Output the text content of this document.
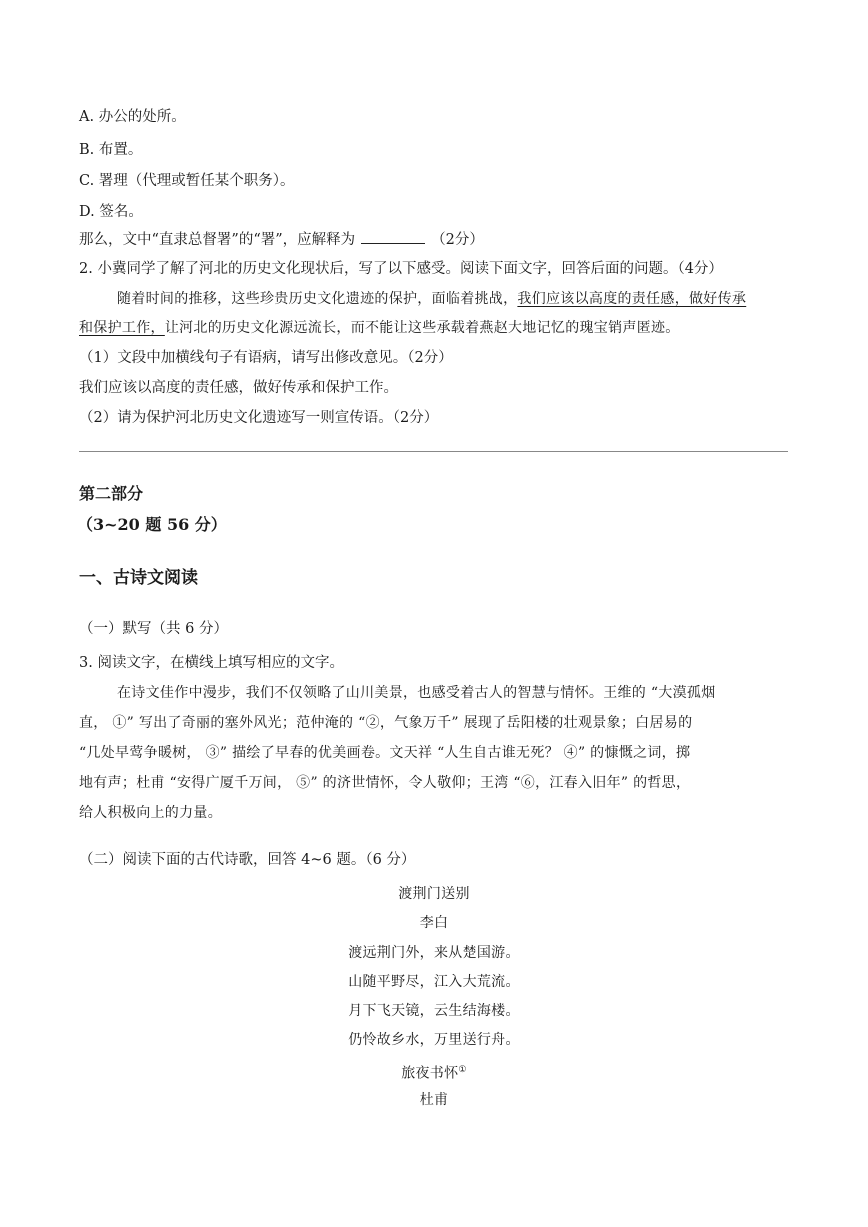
A. 办公的处所。
B. 布置。
C. 署理（代理或暂任某个职务）。
D. 签名。
那么，文中“直隶总督署”的“署”，应解释为	（2分）
2. 小冀同学了解了河北的历史文化现状后，写了以下感受。阅读下面文字，回答后面的问题。（4分）
随着时间的推移，这些珍贵历史文化遗迹的保护，面临着挑战，我们应该以高度的责任感，做好传承
和保护工作，让河北的历史文化源远流长，而不能让这些承载着燕赵大地记忆的瑰宝销声匿迹。
（1）文段中加横线句子有语病，请写出修改意见。（2分）
我们应该以高度的责任感，做好传承和保护工作。
（2）请为保护河北历史文化遗迹写一则宣传语。（2分）
第二部分
（3~20 题 56 分）
一、古诗文阅读
（一）默写（共 6 分）
3. 阅读文字，在横线上填写相应的文字。
在诗文佳作中漫步，我们不仅领略了山川美景，也感受着古人的智慧与情怀。王维的 “大漠孤烟
直， ①” 写出了奇丽的塞外风光；范仲淹的 “②，气象万千” 展现了岳阳楼的壮观景象；白居易的
“几处早莺争暖树， ③” 描绘了早春的优美画卷。文天祥 “人生自古谁无死？ ④” 的慷慨之词，掷
地有声；杜甫 “安得广厦千万间， ⑤” 的济世情怀，令人敬仰；王湾 “⑥，江春入旧年” 的哲思，
给人积极向上的力量。
（二）阅读下面的古代诗歌，回答 4~6 题。（6 分）
渡荆门送别
李白
渡远荆门外，来从楚国游。
山随平野尽，江入大荒流。
月下飞天镜，云生结海楼。
仍怜故乡水，万里送行舟。
旅夜书怀①
杜甫
